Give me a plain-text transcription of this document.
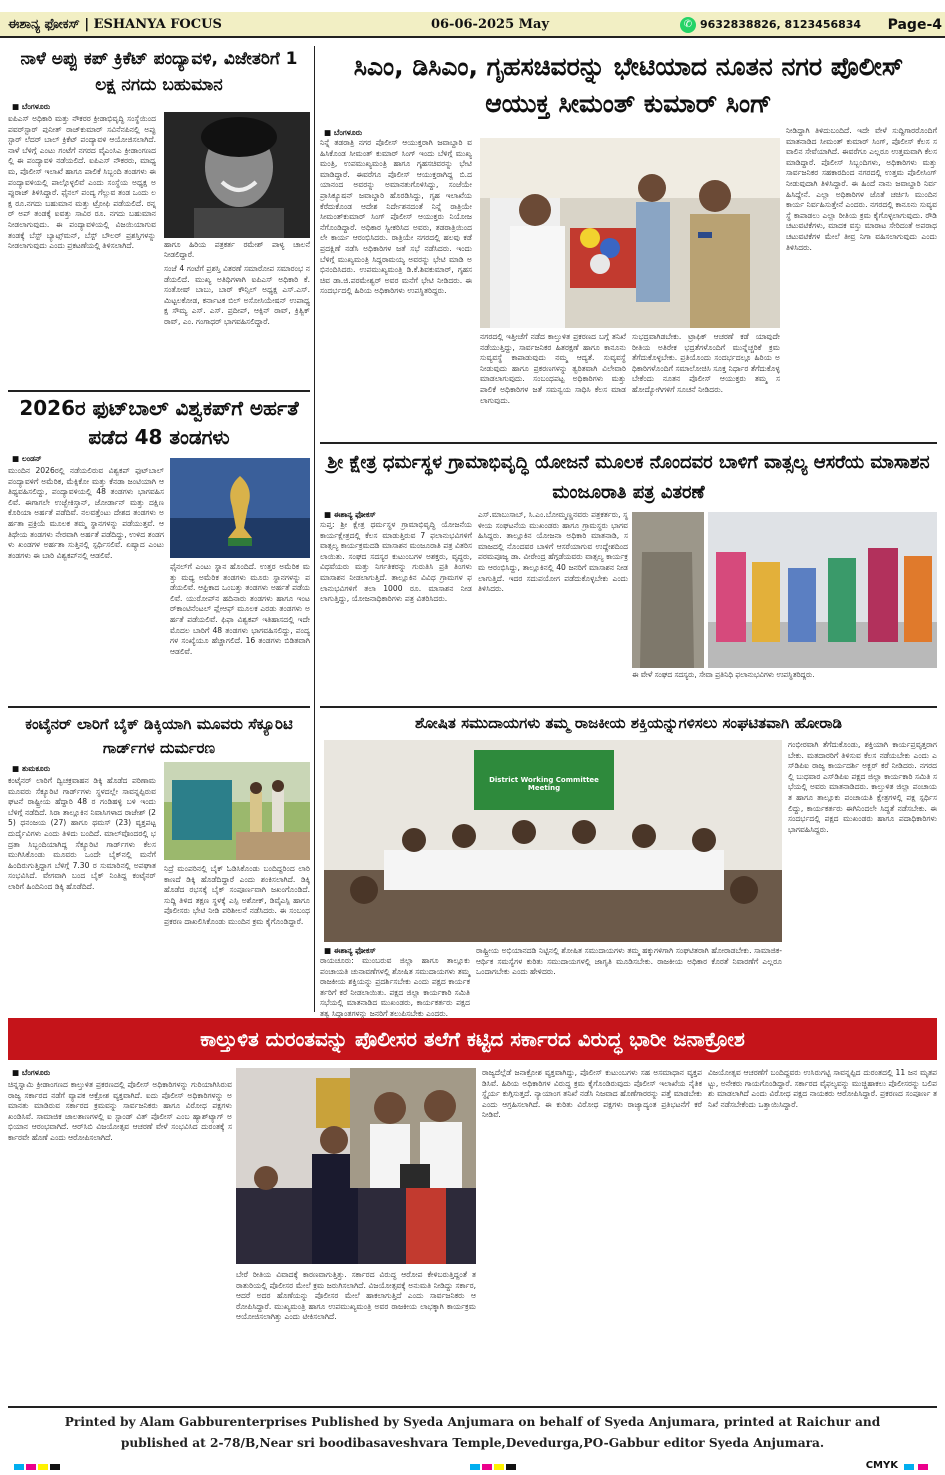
ಈಶಾನ್ಯ ಫೋಕಸ್ | ESHANYA FOCUS	06-06-2025 May	✆ 9632838826, 8123456834	Page-4
ನಾಳೆ ಅಪ್ಪು ಕಪ್ ಕ್ರಿಕೆಟ್ ಪಂದ್ಯಾವಳಿ, ವಿಜೇತರಿಗೆ 1 ಲಕ್ಷ ನಗದು ಬಹುಮಾನ
■ ಬೆಂಗಳೂರು
ಐಪಿಎಸ್ ಅಧಿಕಾರಿ ಮತ್ತು ನೌಕರರ ಕ್ರೀಡಾಭಿವೃದ್ಧಿ ಸಂಸ್ಥೆಯಿಂದ ಪವರ್‌ಸ್ಟಾರ್ ಪುನೀತ್ ರಾಜ್‌ಕುಮಾರ್ ಸವಿನೆನಪಿನಲ್ಲಿ ಅಪ್ಪು ಸ್ಟಾರ್ ಲೆದರ್ ಬಾಲ್ ಕ್ರಿಕೆಟ್ ಪಂದ್ಯಾವಳಿ ಆಯೋಜಿಸಲಾಗಿದೆ. ನಾಳೆ ಬೆಳಿಗ್ಗೆ ಎಂಟು ಗಂಟೆಗೆ ನಗರದ ವೈಎಂಸಿಎ ಕ್ರೀಡಾಂಗಣದಲ್ಲಿ ಈ ಪಂದ್ಯಾವಳಿ ನಡೆಯಲಿದೆ. ಐಪಿಎಸ್ ನೌಕರರು, ಮಾಧ್ಯಮ, ಪೊಲೀಸ್ ಇಲಾಖೆ ಹಾಗೂ ಪಾಲಿಕೆ ಸಿಬ್ಬಂದಿ ತಂಡಗಳು ಈ ಪಂದ್ಯಾವಳಿಯಲ್ಲಿ ಪಾಲ್ಗೊಳ್ಳಲಿವೆ ಎಂದು ಸಂಸ್ಥೆಯ ಅಧ್ಯಕ್ಷ ಅಪ್ಪುರಾಜ್ ತಿಳಿಸಿದ್ದಾರೆ. ಫೈನಲ್ ಪಂದ್ಯ ಗೆಲ್ಲುವ ತಂಡ ಒಂದು ಲಕ್ಷ ರೂ.ನಗದು ಬಹುಮಾನ ಮತ್ತು ಟ್ರೋಫಿ ಪಡೆಯಲಿದೆ. ರನ್ನರ್ ಅಪ್ ತಂಡಕ್ಕೆ ಐವತ್ತು ಸಾವಿರ ರೂ. ನಗದು ಬಹುಮಾನ ನೀಡಲಾಗುವುದು. ಈ ಪಂದ್ಯಾವಳಿಯಲ್ಲಿ ವಿಜಯಿಯಾಗುವ ತಂಡಕ್ಕೆ ಬೆಸ್ಟ್ ಬ್ಯಾಟ್ಸ್‌ಮನ್, ಬೆಸ್ಟ್ ಬೌಲರ್ ಪ್ರಶಸ್ತಿಗಳನ್ನು ನೀಡಲಾಗುವುದು ಎಂದು ಪ್ರಕಟಣೆಯಲ್ಲಿ ತಿಳಿಸಲಾಗಿದೆ.	ಹಾಗೂ ಹಿರಿಯ ಪತ್ರಕರ್ತ ರಮೇಶ್ ಪಾಳ್ಯ ಚಾಲನೆ ನೀಡಲಿದ್ದಾರೆ.
ಸಂಜೆ 4 ಗಂಟೆಗೆ ಪ್ರಶಸ್ತಿ ವಿತರಣೆ ಸಮಾರೋಪ ಸಮಾರಂಭ ನಡೆಯಲಿದೆ. ಮುಖ್ಯ ಅತಿಥಿಗಳಾಗಿ ಐಪಿಎಸ್ ಅಧಿಕಾರಿ ಕೆ. ಸಂತೋಷ್ ಬಾಬು, ಬಾರ್ ಕೌನ್ಸಿಲ್ ಅಧ್ಯಕ್ಷ ಎಸ್.ಎಸ್. ಮಿಟ್ಟಲಕೋಡ, ಕರ್ನಾಟಕ ಬಿಲ್ ಅಸೋಸಿಯೇಷನ್ ಉಪಾಧ್ಯಕ್ಷ ಸೌಮ್ಯ ಎಸ್. ಎಸ್. ಪ್ರದೀಪ್, ಆಕ್ಸಿನ್ ರಾವ್, ಕ್ರಿತ್ವಿಕ್ ರಾವ್, ಎಂ. ಗಂಗಾಧರ್ ಭಾಗವಹಿಸಲಿದ್ದಾರೆ.
2026ರ ಫುಟ್‌ಬಾಲ್ ವಿಶ್ವಕಪ್‌ಗೆ ಅರ್ಹತೆ ಪಡೆದ 48 ತಂಡಗಳು
■ ಲಂಡನ್
ಮುಂದಿನ 2026ರಲ್ಲಿ ನಡೆಯಲಿರುವ ವಿಶ್ವಕಪ್ ಫುಟ್‌ಬಾಲ್ ಪಂದ್ಯಾವಳಿಗೆ ಅಮೆರಿಕ, ಮೆಕ್ಸಿಕೋ ಮತ್ತು ಕೆನಡಾ ಜಂಟಿಯಾಗಿ ಆತಿಥ್ಯವಹಿಸಲಿದ್ದು, ಪಂದ್ಯಾವಳಿಯಲ್ಲಿ 48 ತಂಡಗಳು ಭಾಗವಹಿಸಲಿವೆ. ಈಗಾಗಲೇ ಉಜ್ಬೇಕಿಸ್ತಾನ್, ಜೋರ್ಡಾನ್ ಮತ್ತು ದಕ್ಷಿಣ ಕೊರಿಯಾ ಅರ್ಹತೆ ಪಡೆದಿವೆ. ನಲವತ್ತೆಂಟು ದೇಶದ ತಂಡಗಳು ಅರ್ಹತಾ ಪ್ರಕ್ರಿಯೆ ಮೂಲಕ ತಮ್ಮ ಸ್ಥಾನಗಳನ್ನು ಪಡೆಯುತ್ತವೆ. ಆತಿಥೇಯ ತಂಡಗಳು ನೇರವಾಗಿ ಅರ್ಹತೆ ಪಡೆದಿದ್ದು, ಉಳಿದ ತಂಡಗಳು ಖಂಡಗಳ ಅರ್ಹತಾ ಸುತ್ತಿನಲ್ಲಿ ಸ್ಪರ್ಧಿಸಲಿವೆ. ಏಷ್ಯಾದ ಎಂಟು ತಂಡಗಳು ಈ ಬಾರಿ ವಿಶ್ವಕಪ್‌ನಲ್ಲಿ ಆಡಲಿವೆ.
ಫೈನಲ್‌ಗೆ ಎಂಟು ಸ್ಥಾನ ಹೊಂದಿದೆ. ಉತ್ತರ ಅಮೆರಿಕ ಮತ್ತು ಮಧ್ಯ ಅಮೆರಿಕ ತಂಡಗಳು ಮೂರು ಸ್ಥಾನಗಳನ್ನು ಪಡೆಯಲಿವೆ. ಆಫ್ರಿಕಾದ ಒಂಬತ್ತು ತಂಡಗಳು ಅರ್ಹತೆ ಪಡೆಯಲಿವೆ. ಯುರೋಪ್‌ನ ಹದಿನಾರು ತಂಡಗಳು ಹಾಗೂ ಇಂಟರ್‌ಕಾಂಟಿನೆಂಟಲ್ ಪ್ಲೇಆಫ್ ಮೂಲಕ ಎರಡು ತಂಡಗಳು ಅರ್ಹತೆ ಪಡೆಯಲಿವೆ. ಫಿಫಾ ವಿಶ್ವಕಪ್ ಇತಿಹಾಸದಲ್ಲಿ ಇದೇ ಮೊದಲ ಬಾರಿಗೆ 48 ತಂಡಗಳು ಭಾಗವಹಿಸಲಿದ್ದು, ಪಂದ್ಯಗಳ ಸಂಖ್ಯೆಯೂ ಹೆಚ್ಚಾಗಲಿದೆ. 16 ತಂಡಗಳು ಬಿಡಿತವಾಗಿ ಆಡಲಿವೆ.
ಕಂಟೈನರ್ ಲಾರಿಗೆ ಬೈಕ್ ಡಿಕ್ಕಿಯಾಗಿ ಮೂವರು ಸೆಕ್ಯೂರಿಟಿ ಗಾರ್ಡ್‌ಗಳ ದುರ್ಮರಣ
■ ತುಮಕೂರು
ಕಂಟೈನರ್ ಲಾರಿಗೆ ದ್ವಿಚಕ್ರವಾಹನ ಡಿಕ್ಕಿ ಹೊಡೆದ ಪರಿಣಾಮ ಮೂವರು ಸೆಕ್ಯೂರಿಟಿ ಗಾರ್ಡ್‌ಗಳು ಸ್ಥಳದಲ್ಲೇ ಸಾವನ್ನಪ್ಪಿರುವ ಘಟನೆ ರಾಷ್ಟ್ರೀಯ ಹೆದ್ದಾರಿ 48 ರ ಗಂಡಿಹಳ್ಳಿ ಬಳಿ ಇಂದು ಬೆಳಿಗ್ಗೆ ನಡೆದಿದೆ. ಸಿರಾ ತಾಲ್ಲೂಕಿನ ನಿವಾಸಿಗಳಾದ ರಾಜೇಶ್ (25) ಧನಂಜಯ (27) ಹಾಗೂ ಥಮಸ್ (23) ವ್ಯಕ್ತಪಟ್ಟ ದುರ್ದೈವಿಗಳು ಎಂದು ತಿಳಿದು ಬಂದಿದೆ. ಮಾಲ್‌ವೊಂದರಲ್ಲಿ ಭದ್ರತಾ ಸಿಬ್ಬಂದಿಯಾಗಿದ್ದ ಸೆಕ್ಯೂರಿಟಿ ಗಾರ್ಡ್‌ಗಳು ಕೆಲಸ ಮುಗಿಸಿಕೊಂಡು ಮೂವರು ಒಂದೇ ಬೈಕ್‌ನಲ್ಲಿ ಮನೆಗೆ ಹಿಂದಿರುಗುತ್ತಿದ್ದಾಗ ಬೆಳಿಗ್ಗೆ 7.30 ರ ಸುಮಾರಿನಲ್ಲಿ ಅಪಘಾತ ಸಂಭವಿಸಿದೆ. ವೇಗವಾಗಿ ಬಂದ ಬೈಕ್ ನಿಂತಿದ್ದ ಕಂಟೈನರ್ ಲಾರಿಗೆ ಹಿಂದಿನಿಂದ ಡಿಕ್ಕಿ ಹೊಡೆದಿದೆ.
ನಿದ್ರೆ ಮಂಪರಿನಲ್ಲಿ ಬೈಕ್ ಓಡಿಸಿಕೊಂಡು ಬಂದಿದ್ದರಿಂದ ಲಾರಿ ಕಾಣದೆ ಡಿಕ್ಕಿ ಹೊಡೆದಿದ್ದಾರೆ ಎಂದು ಶಂಕಿಸಲಾಗಿದೆ. ಡಿಕ್ಕಿ ಹೊಡೆದ ರಭಸಕ್ಕೆ ಬೈಕ್ ಸಂಪೂರ್ಣವಾಗಿ ಜಖಂಗೊಂಡಿದೆ. ಸುದ್ದಿ ತಿಳಿದ ತಕ್ಷಣ ಸ್ಥಳಕ್ಕೆ ಎಸ್ಪಿ ಅಶೋಕ್, ಡಿವೈಎಸ್ಪಿ ಹಾಗೂ ಪೊಲೀಸರು ಭೇಟಿ ನೀಡಿ ಪರಿಶೀಲನೆ ನಡೆಸಿದರು. ಈ ಸಂಬಂಧ ಪ್ರಕರಣ ದಾಖಲಿಸಿಕೊಂಡು ಮುಂದಿನ ಕ್ರಮ ಕೈಗೊಂಡಿದ್ದಾರೆ.
ಸಿಎಂ, ಡಿಸಿಎಂ, ಗೃಹಸಚಿವರನ್ನು ಭೇಟಿಯಾದ ನೂತನ ನಗರ ಪೊಲೀಸ್ ಆಯುಕ್ತ ಸೀಮಂತ್ ಕುಮಾರ್ ಸಿಂಗ್
■ ಬೆಂಗಳೂರು
ನಿನ್ನೆ ತಡರಾತ್ರಿ ನಗರ ಪೊಲೀಸ್ ಆಯುಕ್ತರಾಗಿ ಜವಾಬ್ದಾರಿ ವಹಿಸಿಕೊಂಡ ಸೀಮಂತ್ ಕುಮಾರ್ ಸಿಂಗ್ ಇಂದು ಬೆಳಿಗ್ಗೆ ಮುಖ್ಯಮಂತ್ರಿ, ಉಪಮುಖ್ಯಮಂತ್ರಿ ಹಾಗೂ ಗೃಹಸಚಿವರನ್ನು ಭೇಟಿ ಮಾಡಿದ್ದಾರೆ. ಈವರೆಗೂ ಪೊಲೀಸ್ ಆಯುಕ್ತರಾಗಿದ್ದ ಬಿ.ದಯಾನಂದ ಅವರನ್ನು ಅಮಾನತುಗೊಳಿಸಿದ್ದು, ಸಂಜೆಯೇ ಪ್ರಾಸಿಕ್ಯೂಷನ್ ಜವಾಬ್ದಾರಿ ಹೊರಡಿಸಿದ್ದು, ಗೃಹ ಇಲಾಖೆಯ ಕೆರೆದುಕೊಂಡ ಆದೇಶ ನಿರ್ದೇಶನದಂತೆ ನಿನ್ನೆ ರಾತ್ರಿಯೇ ಸೀಮಂತ್‌ಕುಮಾರ್ ಸಿಂಗ್ ಪೊಲೀಸ್ ಆಯುಕ್ತರು ನಿಯೋಜನೆಗೊಂಡಿದ್ದಾರೆ. ಅಧಿಕಾರ ಸ್ವೀಕರಿಸಿದ ಅವರು, ತಡರಾತ್ರಿಯಿಂದಲೇ ಕಾರ್ಯ ಆರಂಭಿಸಿದರು. ರಾತ್ರಿಯೇ ನಗರದಲ್ಲಿ ಹಲವು ಕಡೆ ಪ್ರದಕ್ಷಿಣೆ ನಡೆಸಿ ಅಧಿಕಾರಿಗಳ ಜತೆ ಸಭೆ ನಡೆಸಿದರು. ಇಂದು ಬೆಳಿಗ್ಗೆ ಮುಖ್ಯಮಂತ್ರಿ ಸಿದ್ದರಾಮಯ್ಯ ಅವರನ್ನು ಭೇಟಿ ಮಾಡಿ ಅಭಿನಂದಿಸಿದರು. ಉಪಮುಖ್ಯಮಂತ್ರಿ ಡಿ.ಕೆ.ಶಿವಕುಮಾರ್, ಗೃಹಸಚಿವ ಡಾ.ಜಿ.ಪರಮೇಶ್ವರ್ ಅವರ ಮನೆಗೆ ಭೇಟಿ ನೀಡಿದರು. ಈ ಸಂದರ್ಭದಲ್ಲಿ ಹಿರಿಯ ಅಧಿಕಾರಿಗಳು ಉಪಸ್ಥಿತರಿದ್ದರು.
ನೀಡಿದ್ದಾಗಿ ತಿಳಿದುಬಂದಿದೆ. ಇದೇ ವೇಳೆ ಸುದ್ದಿಗಾರರೊಂದಿಗೆ ಮಾತನಾಡಿದ ಸೀಮಂತ್ ಕುಮಾರ್ ಸಿಂಗ್, ಪೊಲೀಸ್ ಕೆಲಸ ಸವಾಲಿನ ಸೇವೆಯಾಗಿದೆ. ಈವರೆಗೂ ಎಲ್ಲರೂ ಉತ್ತಮವಾಗಿ ಕೆಲಸ ಮಾಡಿದ್ದಾರೆ. ಪೊಲೀಸ್ ಸಿಬ್ಬಂದಿಗಳು, ಅಧಿಕಾರಿಗಳು ಮತ್ತು ಸಾರ್ವಜನಿಕರ ಸಹಕಾರದಿಂದ ನಗರದಲ್ಲಿ ಉತ್ತಮ ಪೊಲೀಸಿಂಗ್ ನೀಡುವುದಾಗಿ ತಿಳಿಸಿದ್ದಾರೆ. ಈ ಹಿಂದೆ ನಾನು ಜವಾಬ್ದಾರಿ ನಿರ್ವಹಿಸಿದ್ದೇನೆ. ಎಲ್ಲಾ ಅಧಿಕಾರಿಗಳ ಜೊತೆ ಚರ್ಚಿಸಿ ಮುಂದಿನ ಕಾರ್ಯ ನಿರ್ವಹಿಸುತ್ತೇನೆ ಎಂದರು. ನಗರದಲ್ಲಿ ಕಾನೂನು ಸುವ್ಯವಸ್ಥೆ ಕಾಪಾಡಲು ಎಲ್ಲಾ ರೀತಿಯ ಕ್ರಮ ಕೈಗೊಳ್ಳಲಾಗುವುದು. ರೌಡಿ ಚಟುವಟಿಕೆಗಳು, ಮಾದಕ ವಸ್ತು ಮಾರಾಟ ಸೇರಿದಂತೆ ಅಪರಾಧ ಚಟುವಟಿಕೆಗಳ ಮೇಲೆ ತೀವ್ರ ನಿಗಾ ವಹಿಸಲಾಗುವುದು ಎಂದು ತಿಳಿಸಿದರು.
ನಗರದಲ್ಲಿ ಇತ್ತೀಚೆಗೆ ನಡೆದ ಕಾಲ್ತುಳಿತ ಪ್ರಕರಣದ ಬಗ್ಗೆ ತನಿಖೆ ನಡೆಯುತ್ತಿದ್ದು, ಸಾರ್ವಜನಿಕರ ಹಿತರಕ್ಷಣೆ ಹಾಗೂ ಕಾನೂನು ಸುವ್ಯವಸ್ಥೆ ಕಾಪಾಡುವುದು ನಮ್ಮ ಆದ್ಯತೆ. ಸುವ್ಯವಸ್ಥೆ ನೀಡುವುದು ಹಾಗೂ ಪ್ರಕರಣಗಳನ್ನು ತ್ವರಿತವಾಗಿ ವಿಲೇವಾರಿ ಮಾಡಲಾಗುವುದು. ಸಂಬಂಧಪಟ್ಟ ಅಧಿಕಾರಿಗಳು ಮತ್ತು ಪಾಲಿಕೆ ಅಧಿಕಾರಿಗಳ ಜತೆ ಸಮನ್ವಯ ಸಾಧಿಸಿ ಕೆಲಸ ಮಾಡಲಾಗುವುದು.
ಸುಭದ್ರವಾಗಿಡಬೇಕು. ಟ್ರಾಫಿಕ್ ಆಚರಣೆ ಕಡೆ ಯಾವುದೇ ರೀತಿಯ ಅತಿರೇಕ ಭದ್ರತೆಗಳೊಂದಿಗೆ ಮುನ್ನೆಚ್ಚರಿಕೆ ಕ್ರಮ ತೆಗೆದುಕೊಳ್ಳಬೇಕು. ಪ್ರತಿಯೊಂದು ಸಂದರ್ಭದಲ್ಲೂ ಹಿರಿಯ ಅಧಿಕಾರಿಗಳೊಂದಿಗೆ ಸಮಾಲೋಚಿಸಿ ಸೂಕ್ತ ನಿರ್ಧಾರ ತೆಗೆದುಕೊಳ್ಳಬೇಕೆಂದು ನೂತನ ಪೊಲೀಸ್ ಆಯುಕ್ತರು ತಮ್ಮ ಸಹೋದ್ಯೋಗಿಗಳಿಗೆ ಸೂಚನೆ ನೀಡಿದರು.
ಶ್ರೀ ಕ್ಷೇತ್ರ ಧರ್ಮಸ್ಥಳ ಗ್ರಾಮಾಭಿವೃದ್ಧಿ ಯೋಜನೆ ಮೂಲಕ ನೊಂದವರ ಬಾಳಿಗೆ ವಾತ್ಸಲ್ಯ ಆಸರೆಯ ಮಾಸಾಶನ ಮಂಜೂರಾತಿ ಪತ್ರ ವಿತರಣೆ
■ ಈಶಾನ್ಯ ಫೋಕಸ್
ಸುಪ್ತ: ಶ್ರೀ ಕ್ಷೇತ್ರ ಧರ್ಮಸ್ಥಳ ಗ್ರಾಮಾಭಿವೃದ್ಧಿ ಯೋಜನೆಯ ಕಾರ್ಯಕ್ಷೇತ್ರದಲ್ಲಿ ಕೆಲಸ ಮಾಡುತ್ತಿರುವ 7 ಫಲಾನುಭವಿಗಳಿಗೆ ವಾತ್ಸಲ್ಯ ಕಾರ್ಯಕ್ರಮದಡಿ ಮಾಸಾಶನ ಮಂಜೂರಾತಿ ಪತ್ರ ವಿತರಿಸಲಾಯಿತು. ಸಂಘದ ಸದಸ್ಯರ ಕುಟುಂಬಗಳ ಅಶಕ್ತರು, ವೃದ್ಧರು, ವಿಧವೆಯರು ಮತ್ತು ನಿರ್ಗತಿಕರನ್ನು ಗುರುತಿಸಿ ಪ್ರತಿ ತಿಂಗಳು ಮಾಸಾಶನ ನೀಡಲಾಗುತ್ತಿದೆ. ತಾಲ್ಲೂಕಿನ ವಿವಿಧ ಗ್ರಾಮಗಳ ಫಲಾನುಭವಿಗಳಿಗೆ ತಲಾ 1000 ರೂ. ಮಾಸಾಶನ ನೀಡಲಾಗುತ್ತಿದ್ದು, ಯೋಜನಾಧಿಕಾರಿಗಳು ಪತ್ರ ವಿತರಿಸಿದರು.
ಎಸ್.ಮಾಬುಸಾಬ್, ಸಿ.ಎಂ.ಬೋಮ್ಮಣ್ಣನವರು ಪತ್ರಕರ್ತರು, ಸ್ಥಳೀಯ ಸಂಘಟನೆಯ ಮುಖಂಡರು ಹಾಗೂ ಗ್ರಾಮಸ್ಥರು ಭಾಗವಹಿಸಿದ್ದರು. ತಾಲ್ಲೂಕಿನ ಯೋಜನಾ ಅಧಿಕಾರಿ ಮಾತನಾಡಿ, ಸಮಾಜದಲ್ಲಿ ನೊಂದವರ ಬಾಳಿಗೆ ಆಸರೆಯಾಗುವ ಉದ್ದೇಶದಿಂದ ಪರಮಪೂಜ್ಯ ಡಾ. ವೀರೇಂದ್ರ ಹೆಗ್ಗಡೆಯವರು ವಾತ್ಸಲ್ಯ ಕಾರ್ಯಕ್ರಮ ಆರಂಭಿಸಿದ್ದು, ತಾಲ್ಲೂಕಿನಲ್ಲಿ 40 ಜನರಿಗೆ ಮಾಸಾಶನ ನೀಡಲಾಗುತ್ತಿದೆ. ಇದರ ಸದುಪಯೋಗ ಪಡೆದುಕೊಳ್ಳಬೇಕು ಎಂದು ತಿಳಿಸಿದರು.
ಈ ವೇಳೆ ಸಂಘದ ಸದಸ್ಯರು, ಸೇವಾ ಪ್ರತಿನಿಧಿ ಫಲಾನುಭವಿಗಳು ಉಪಸ್ಥಿತರಿದ್ದರು.
ಶೋಷಿತ ಸಮುದಾಯಗಳು ತಮ್ಮ ರಾಜಕೀಯ ಶಕ್ತಿಯನ್ನುಗಳಿಸಲು ಸಂಘಟಿತವಾಗಿ ಹೋರಾಡಿ
District Working Committee Meeting
■ ಈಶಾನ್ಯ ಫೋಕಸ್
ರಾಯಚೂರು: ಮುಂಬರುವ ಜಿಲ್ಲಾ ಹಾಗೂ ತಾಲ್ಲೂಕು ಪಂಚಾಯತಿ ಚುನಾವಣೆಗಳಲ್ಲಿ ಶೋಷಿತ ಸಮುದಾಯಗಳು ತಮ್ಮ ರಾಜಕೀಯ ಶಕ್ತಿಯನ್ನು ಪ್ರದರ್ಶಿಸಬೇಕು ಎಂದು ಪಕ್ಷದ ಕಾರ್ಯಕರ್ತರಿಗೆ ಕರೆ ನೀಡಲಾಯಿತು. ಪಕ್ಷದ ಜಿಲ್ಲಾ ಕಾರ್ಯಕಾರಿ ಸಮಿತಿ ಸಭೆಯಲ್ಲಿ ಮಾತನಾಡಿದ ಮುಖಂಡರು, ಕಾರ್ಯಕರ್ತರು ಪಕ್ಷದ ತತ್ವ ಸಿದ್ಧಾಂತಗಳನ್ನು ಜನರಿಗೆ ತಲುಪಿಸಬೇಕು ಎಂದರು.
ರಾಷ್ಟ್ರೀಯ ಅಭಿಯಾನದಡಿ ನಿಟ್ಟಿನಲ್ಲಿ ಶೋಷಿತ ಸಮುದಾಯಗಳು ತಮ್ಮ ಹಕ್ಕುಗಳಿಗಾಗಿ ಸಂಘಟಿತರಾಗಿ ಹೋರಾಡಬೇಕು. ಸಾಮಾಜಿಕ-ಆರ್ಥಿಕ ಸಮಸ್ಯೆಗಳ ಕುರಿತು ಸಮುದಾಯಗಳಲ್ಲಿ ಜಾಗೃತಿ ಮೂಡಿಸಬೇಕು. ರಾಜಕೀಯ ಅಧಿಕಾರ ಕೊರತೆ ನಿವಾರಣೆಗೆ ಎಲ್ಲರೂ ಒಂದಾಗಬೇಕು ಎಂದು ಹೇಳಿದರು.
ಗಂಭೀರವಾಗಿ ತೆಗೆದುಕೊಂಡು, ಶಕ್ತಿಯಾಗಿ ಕಾರ್ಯಪ್ರವೃತ್ತರಾಗಬೇಕು. ಮತದಾರರಿಗೆ ತಿಳಿಸುವ ಕೆಲಸ ನಡೆಯಬೇಕು ಎಂದು ಎಸ್‌ಡಿಪಿಐ ರಾಜ್ಯ ಕಾರ್ಯದರ್ಶಿ ಅಕ್ಬರ್ ಕರೆ ನೀಡಿದರು. ನಗರದಲ್ಲಿ ಬುಧವಾರ ಎಸ್‌ಡಿಪಿಐ ಪಕ್ಷದ ಜಿಲ್ಲಾ ಕಾರ್ಯಕಾರಿ ಸಮಿತಿ ಸಭೆಯಲ್ಲಿ ಅವರು ಮಾತನಾಡಿದರು. ಕಾಲ್ತುಳಿತ ಜಿಲ್ಲಾ ಪಂಚಾಯತ ಹಾಗೂ ತಾಲ್ಲೂಕು ಪಂಚಾಯತಿ ಕ್ಷೇತ್ರಗಳಲ್ಲಿ ಪಕ್ಷ ಸ್ಪರ್ಧಿಸಲಿದ್ದು, ಕಾರ್ಯಕರ್ತರು ಈಗಿನಿಂದಲೇ ಸಿದ್ಧತೆ ನಡೆಸಬೇಕು. ಈ ಸಂದರ್ಭದಲ್ಲಿ ಪಕ್ಷದ ಮುಖಂಡರು ಹಾಗೂ ಪದಾಧಿಕಾರಿಗಳು ಭಾಗವಹಿಸಿದ್ದರು.
ಕಾಲ್ತುಳಿತ ದುರಂತವನ್ನು ಪೊಲೀಸರ ತಲೆಗೆ ಕಟ್ಟಿದ ಸರ್ಕಾರದ ವಿರುದ್ಧ ಭಾರೀ ಜನಾಕ್ರೋಶ
■ ಬೆಂಗಳೂರು
ಚಿನ್ನಸ್ವಾಮಿ ಕ್ರೀಡಾಂಗಣದ ಕಾಲ್ತುಳಿತ ಪ್ರಕರಣದಲ್ಲಿ ಪೊಲೀಸ್ ಅಧಿಕಾರಿಗಳನ್ನು ಗುರಿಯಾಗಿಸಿರುವ ರಾಜ್ಯ ಸರ್ಕಾರದ ನಡೆಗೆ ವ್ಯಾಪಕ ಆಕ್ರೋಶ ವ್ಯಕ್ತವಾಗಿದೆ. ಐದು ಪೊಲೀಸ್ ಅಧಿಕಾರಿಗಳನ್ನು ಅಮಾನತು ಮಾಡಿರುವ ಸರ್ಕಾರದ ಕ್ರಮವನ್ನು ಸಾರ್ವಜನಿಕರು ಹಾಗೂ ವಿರೋಧ ಪಕ್ಷಗಳು ಖಂಡಿಸಿವೆ. ಸಾಮಾಜಿಕ ಜಾಲತಾಣಗಳಲ್ಲಿ ಐ ಸ್ಟಾಂಡ್ ವಿತ್ ಪೊಲೀಸ್ ಎಂಬ ಹ್ಯಾಶ್‌ಟ್ಯಾಗ್ ಅಭಿಯಾನ ಆರಂಭವಾಗಿದೆ. ಆರ್‌ಸಿಬಿ ವಿಜಯೋತ್ಸವ ಆಚರಣೆ ವೇಳೆ ಸಂಭವಿಸಿದ ದುರಂತಕ್ಕೆ ಸರ್ಕಾರವೇ ಹೊಣೆ ಎಂದು ಆರೋಪಿಸಲಾಗಿದೆ.
ಬೇರೆ ರೀತಿಯ ವಿವಾದಕ್ಕೆ ಕಾರಣವಾಗುತ್ತಿತ್ತು. ಸರ್ಕಾರದ ವಿರುದ್ಧ ಆರೋಪ ಕೇಳಿಬರುತ್ತಿದ್ದಂತೆ ತರಾತುರಿಯಲ್ಲಿ ಪೊಲೀಸರ ಮೇಲೆ ಕ್ರಮ ಜರುಗಿಸಲಾಗಿದೆ. ವಿಜಯೋತ್ಸವಕ್ಕೆ ಅನುಮತಿ ನೀಡಿದ್ದು ಸರ್ಕಾರ, ಆದರೆ ಅದರ ಹೊಣೆಯನ್ನು ಪೊಲೀಸರ ಮೇಲೆ ಹಾಕಲಾಗುತ್ತಿದೆ ಎಂದು ಸಾರ್ವಜನಿಕರು ಆರೋಪಿಸಿದ್ದಾರೆ. ಮುಖ್ಯಮಂತ್ರಿ ಹಾಗೂ ಉಪಮುಖ್ಯಮಂತ್ರಿ ಅವರ ರಾಜಕೀಯ ಲಾಭಕ್ಕಾಗಿ ಕಾರ್ಯಕ್ರಮ ಆಯೋಜಿಸಲಾಗಿತ್ತು ಎಂದು ಟೀಕಿಸಲಾಗಿದೆ.
ರಾಜ್ಯದೆಲ್ಲೆಡೆ ಜನಾಕ್ರೋಶ ವ್ಯಕ್ತವಾಗಿದ್ದು, ಪೊಲೀಸ್ ಕುಟುಂಬಗಳು ಸಹ ಅಸಮಾಧಾನ ವ್ಯಕ್ತಪಡಿಸಿವೆ. ಹಿರಿಯ ಅಧಿಕಾರಿಗಳ ವಿರುದ್ಧ ಕ್ರಮ ಕೈಗೊಂಡಿರುವುದು ಪೊಲೀಸ್ ಇಲಾಖೆಯ ನೈತಿಕ ಸ್ಥೈರ್ಯ ಕುಗ್ಗಿಸುತ್ತದೆ. ನ್ಯಾಯಾಂಗ ತನಿಖೆ ನಡೆಸಿ ನಿಜವಾದ ಹೊಣೆಗಾರರನ್ನು ಪತ್ತೆ ಮಾಡಬೇಕು ಎಂದು ಆಗ್ರಹಿಸಲಾಗಿದೆ. ಈ ಕುರಿತು ವಿರೋಧ ಪಕ್ಷಗಳು ರಾಜ್ಯಾದ್ಯಂತ ಪ್ರತಿಭಟನೆಗೆ ಕರೆ ನೀಡಿವೆ.
ವಿಜಯೋತ್ಸವ ಆಚರಣೆಗೆ ಬಂದಿದ್ದವರು ಉಸಿರುಗಟ್ಟಿ ಸಾವನ್ನಪ್ಪಿದ ದುರಂತದಲ್ಲಿ 11 ಜನ ಮೃತಪಟ್ಟು, ಅನೇಕರು ಗಾಯಗೊಂಡಿದ್ದಾರೆ. ಸರ್ಕಾರದ ವೈಫಲ್ಯವನ್ನು ಮುಚ್ಚಿಹಾಕಲು ಪೊಲೀಸರನ್ನು ಬಲಿಪಶು ಮಾಡಲಾಗಿದೆ ಎಂದು ವಿರೋಧ ಪಕ್ಷದ ನಾಯಕರು ಆರೋಪಿಸಿದ್ದಾರೆ. ಪ್ರಕರಣದ ಸಂಪೂರ್ಣ ತನಿಖೆ ನಡೆಸಬೇಕೆಂದು ಒತ್ತಾಯಿಸಿದ್ದಾರೆ.
Printed by Alam Gabburenterprises Published by Syeda Anjumara on behalf of Syeda Anjumara, printed at Raichur and published at 2-78/B,Near sri boodibasaveshvara Temple,Devedurga,PO-Gabbur editor Syeda Anjumara.
CMYK
